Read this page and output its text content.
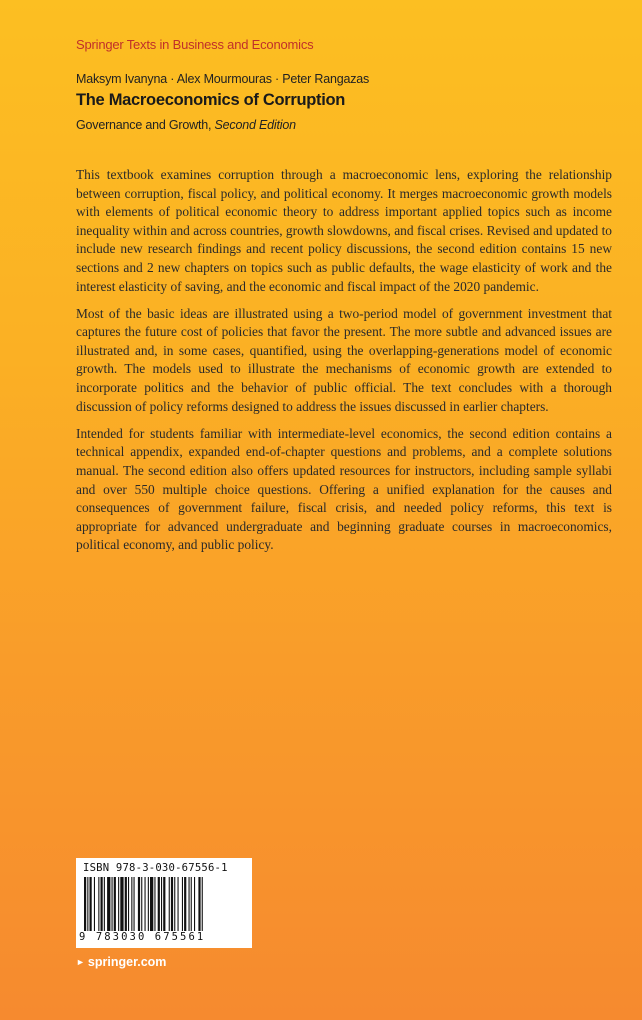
Springer Texts in Business and Economics
Maksym Ivanyna · Alex Mourmouras · Peter Rangazas
The Macroeconomics of Corruption
Governance and Growth, Second Edition

This textbook examines corruption through a macroeconomic lens, exploring the relationship between corruption, fiscal policy, and political economy. It merges macroeconomic growth models with elements of political economic theory to address important applied topics such as income inequality within and across countries, growth slowdowns, and fiscal crises. Revised and updated to include new research findings and recent policy discussions, the second edition contains 15 new sections and 2 new chapters on topics such as public defaults, the wage elasticity of work and the interest elasticity of saving, and the economic and fiscal impact of the 2020 pandemic.

Most of the basic ideas are illustrated using a two-period model of government investment that captures the future cost of policies that favor the present. The more subtle and advanced issues are illustrated and, in some cases, quantified, using the overlapping-generations model of economic growth. The models used to illustrate the mechanisms of economic growth are extended to incorporate politics and the behavior of public official. The text concludes with a thorough discussion of policy reforms designed to address the issues discussed in earlier chapters.

Intended for students familiar with intermediate-level economics, the second edition contains a technical appendix, expanded end-of-chapter questions and problems, and a complete solutions manual. The second edition also offers updated resources for instructors, including sample syllabi and over 550 multiple choice questions. Offering a unified explanation for the causes and consequences of government failure, fiscal crisis, and needed policy reforms, this text is appropriate for advanced undergraduate and beginning graduate courses in macroeconomics, political economy, and public policy.

ISBN 978-3-030-67556-1
9 783030 675561
► springer.com
